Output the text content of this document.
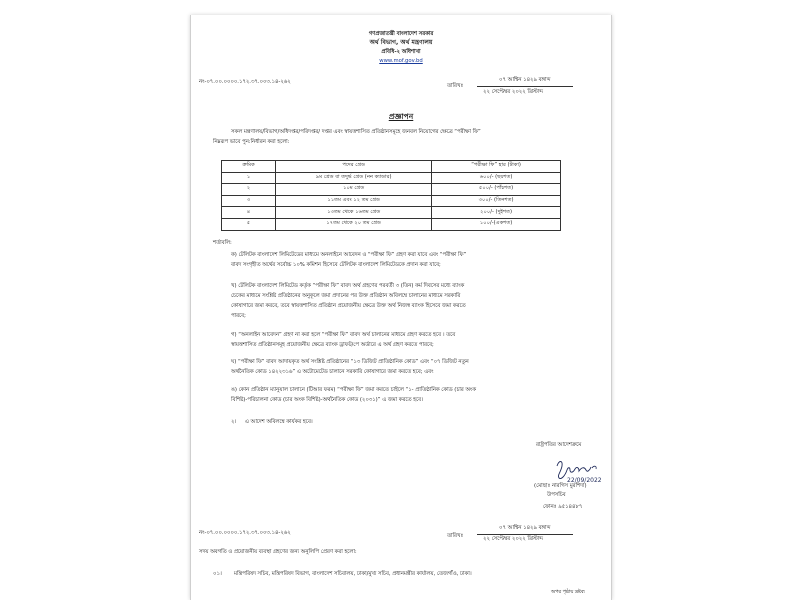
গণপ্রজাতন্ত্রী বাংলাদেশ সরকার
অর্থ বিভাগ, অর্থ মন্ত্রণালয়
প্রবিধি-২ অধিশাখা
www.mof.gov.bd
নং-০৭.০০.০০০০.১৭২.৩৭.০০৩.১৪-২৬২
তারিখঃ
০৭ আশ্বিন ১৪২৯ বঙ্গাব্দ
২২ সেপ্টেম্বর ২০২২ খ্রিস্টাব্দ
প্রজ্ঞাপন
সকল মন্ত্রণালয়/বিভাগ/অধিদপ্তর/পরিদপ্তর/ দপ্তর এবং স্বায়ত্তশাসিত প্রতিষ্ঠানসমূহে জনবল নিয়োগের ক্ষেত্রে “পরীক্ষা ফি”
নিম্নরূপ ভাবে পুন:নির্ধারন করা হলো:
ক্রমিক	পদের গ্রেড	“পরীক্ষা ফি” হার (টাকা)
১	৯ম গ্রেড বা তদুর্দ্ধ গ্রেড (নন ক্যাডার)	৬০০/- (ছয়শত)
২	১০ম গ্রেড	৫০০/- (পাঁচশত)
৩	১১তম এবং ১২ তম গ্রেড	৩০০/- (তিনশত)
৪	১৩তম থেকে ১৬তম গ্রেড	২০০/- (দুইশত)
৫	১৭তম থেকে ২০ তম গ্রেড	১০০/-(একশত)
শর্তাবলি:
ক) টেলিটক বাংলাদেশ লিমিটেডের মাধ্যমে অনলাইনে আবেদন ও “পরীক্ষা ফি” গ্রহণ করা যাবে এবং “পরীক্ষা ফি”
বাবদ সংগৃহীত অর্থের সর্বোচ্চ ১০% কমিশন হিসেবে টেলিটক বাংলাদেশ লিমিটেডকে প্রদান করা যাবে;
খ) টেলিটক বাংলাদেশ লিমিটেড কর্তৃক “পরীক্ষা ফি” বাবদ অর্থ গ্রহণের পরবর্তী ৩ (তিন) কর্ম দিবসের মধ্যে ব্যাংক
চেকের মাধ্যমে সংশ্লিষ্ট প্রতিষ্ঠানের অনুকূলে জমা প্রদানের পর উক্ত প্রতিষ্ঠান অবিলম্বে চালানের মাধ্যমে সরকারি
কোষাগারে জমা করবে, তবে স্বায়ত্তশাসিত প্রতিষ্ঠান প্রয়োজনীয় ক্ষেত্রে উক্ত অর্থ নিজস্ব ব্যাংক হিসেবে জমা করতে
পারবে;
গ) “অনলাইন আবেদন” গ্রহণ না করা হলে “পরীক্ষা ফি” বাবদ অর্থ চালানের মাধ্যমে গ্রহণ করতে হবে । তবে
স্বায়ত্তশাসিত প্রতিষ্ঠানসমূহ প্রয়োজনীয় ক্ষেত্রে ব্যাংক ড্রাফট/পে অর্ডারে এ অর্থ গ্রহণ করতে পারবে;
ঘ) “পরীক্ষা ফি” বাবদ আদায়কৃত অর্থ সংশ্লিষ্ট প্রতিষ্ঠানের “১৩ ডিজিট প্রাতিষ্ঠানিক কোড” এবং “০৭ ডিজিট নতুন
অর্থনৈতিক কোড ১৪২২৩১৬” এ অটোমেটেড চালানে সরকারি কোষাগারে জমা করতে হবে; এবং
ঙ) কোন প্রতিষ্ঠান ম্যানুয়াল চালানে (টিআর ফরম) “পরীক্ষা ফি” জমা করতে চাইলে “১- প্রাতিষ্ঠানিক কোড (চার অংক
বিশিষ্ট)-পরিচালনা কোড (চার অংক বিশিষ্ট)-অর্থনৈতিক কোড (২০৩১)” এ জমা করতে হবে।
২।     এ আদেশ অবিলম্বে কার্যকর হবে।
রাষ্ট্রপতির আদেশক্রমে
22/09/2022
(মোছাঃ নারগিস মুরশিদা)
উপসচিব
ফোনঃ ৯৫১৪৪৮৭
নং-০৭.০০.০০০০.১৭২.৩৭.০০৩.১৪-২৬২	তারিখঃ
০৭ আশ্বিন ১৪২৯ বঙ্গাব্দ
২২ সেপ্টেম্বর ২০২২ খ্রিস্টাব্দ
সদয় অবগতি ও প্রয়োজনীয় ব্যবস্থা গ্রহণের জন্য অনুলিপি প্রেরণ করা হলো:
০১। মন্ত্রিপরিষদ সচিব, মন্ত্রিপরিষদ বিভাগ, বাংলাদেশ সচিবালয়, ঢাকা/মুখ্য সচিব, প্রধানমন্ত্রীর কার্যালয়, তেজগাঁও, ঢাকা।
অপর পৃষ্ঠায় দ্রষ্টব্য
